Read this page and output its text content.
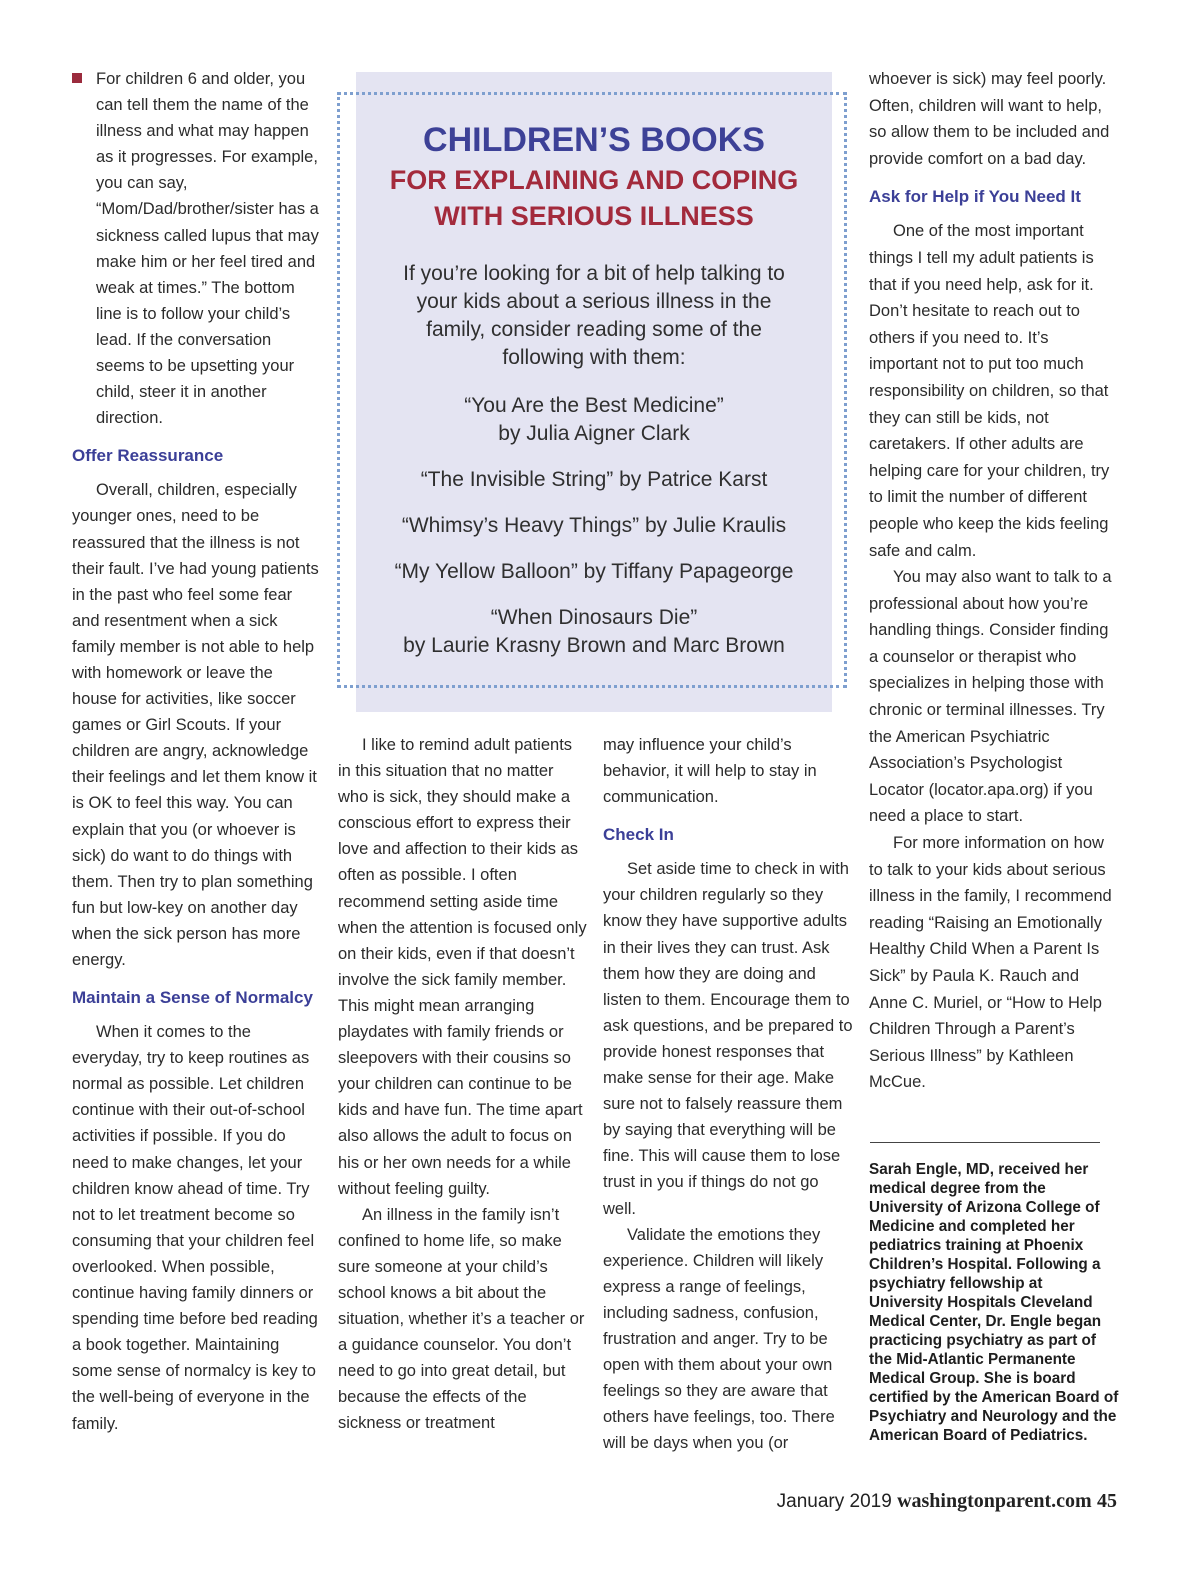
For children 6 and older, you can tell them the name of the illness and what may happen as it progresses. For example, you can say, “Mom/Dad/brother/sister has a sickness called lupus that may make him or her feel tired and weak at times.” The bottom line is to follow your child’s lead. If the conversation seems to be upsetting your child, steer it in another direction.

Offer Reassurance

Overall, children, especially younger ones, need to be reassured that the illness is not their fault. I’ve had young patients in the past who feel some fear and resentment when a sick family member is not able to help with homework or leave the house for activities, like soccer games or Girl Scouts. If your children are angry, acknowledge their feelings and let them know it is OK to feel this way. You can explain that you (or whoever is sick) do want to do things with them. Then try to plan something fun but low-key on another day when the sick person has more energy.

Maintain a Sense of Normalcy

When it comes to the everyday, try to keep routines as normal as possible. Let children continue with their out-of-school activities if possible. If you do need to make changes, let your children know ahead of time. Try not to let treatment become so consuming that your children feel overlooked. When possible, continue having family dinners or spending time before bed reading a book together. Maintaining some sense of normalcy is key to the well-being of everyone in the family.

CHILDREN’S BOOKS

FOR EXPLAINING AND COPING

WITH SERIOUS ILLNESS

If you’re looking for a bit of help talking to your kids about a serious illness in the family, consider reading some of the following with them:

“You Are the Best Medicine”
by Julia Aigner Clark

“The Invisible String” by Patrice Karst

“Whimsy’s Heavy Things” by Julie Kraulis

“My Yellow Balloon” by Tiffany Papageorge

“When Dinosaurs Die”
by Laurie Krasny Brown and Marc Brown

I like to remind adult patients in this situation that no matter who is sick, they should make a conscious effort to express their love and affection to their kids as often as possible. I often recommend setting aside time when the attention is focused only on their kids, even if that doesn’t involve the sick family member. This might mean arranging playdates with family friends or sleepovers with their cousins so your children can continue to be kids and have fun. The time apart also allows the adult to focus on his or her own needs for a while without feeling guilty.

An illness in the family isn’t confined to home life, so make sure someone at your child’s school knows a bit about the situation, whether it’s a teacher or a guidance counselor. You don’t need to go into great detail, but because the effects of the sickness or treatment

may influence your child’s behavior, it will help to stay in communication.

Check In

Set aside time to check in with your children regularly so they know they have supportive adults in their lives they can trust. Ask them how they are doing and listen to them. Encourage them to ask questions, and be prepared to provide honest responses that make sense for their age. Make sure not to falsely reassure them by saying that everything will be fine. This will cause them to lose trust in you if things do not go well.

Validate the emotions they experience. Children will likely express a range of feelings, including sadness, confusion, frustration and anger. Try to be open with them about your own feelings so they are aware that others have feelings, too. There will be days when you (or

whoever is sick) may feel poorly. Often, children will want to help, so allow them to be included and provide comfort on a bad day.

Ask for Help if You Need It

One of the most important things I tell my adult patients is that if you need help, ask for it. Don’t hesitate to reach out to others if you need to. It’s important not to put too much responsibility on children, so that they can still be kids, not caretakers. If other adults are helping care for your children, try to limit the number of different people who keep the kids feeling safe and calm.

You may also want to talk to a professional about how you’re handling things. Consider finding a counselor or therapist who specializes in helping those with chronic or terminal illnesses. Try the American Psychiatric Association’s Psychologist Locator (locator.apa.org) if you need a place to start.

For more information on how to talk to your kids about serious illness in the family, I recommend reading “Raising an Emotionally Healthy Child When a Parent Is Sick” by Paula K. Rauch and Anne C. Muriel, or “How to Help Children Through a Parent’s Serious Illness” by Kathleen McCue.

Sarah Engle, MD, received her medical degree from the University of Arizona College of Medicine and completed her pediatrics training at Phoenix Children’s Hospital. Following a psychiatry fellowship at University Hospitals Cleveland Medical Center, Dr. Engle began practicing psychiatry as part of the Mid-Atlantic Permanente Medical Group. She is board certified by the American Board of Psychiatry and Neurology and the American Board of Pediatrics.
January 2019 washingtonparent.com 45
